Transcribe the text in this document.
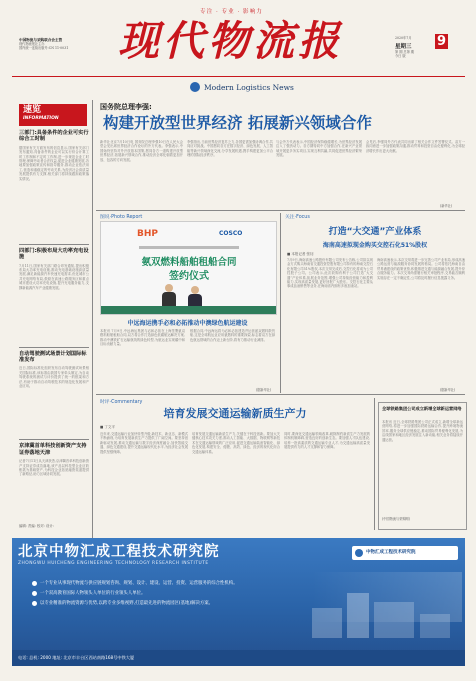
专注 · 专业 · 影响力
现代物流报
中国物流与采购联合会主管
现代物流报社主办
国内统一连续出版号:CN 11-0031
2020年7月
星期三 9
第 期 总第 期
今日 版
Modern Logistics News
速览
INFORMATION
三部门:具备条件的企业可实行综合工时制
据国家有关方面发布的信息显示,国家有关部门发布通知,具备条件的企业可以实行综合计算工时工作制和不定时工作制,进一步规范企业工时管理,保障劳动者合法权益,促进企业健康发展,各地要加强政策宣传和指导服务,推动企业依法用工,营造和谐稳定的劳动关系,为经济社会高质量发展提供有力支撑,相关部门将持续跟踪政策落实情况。
四部门:积极布局大功率充电设施
7月11日,国家有关部门联合印发通知,提出积极布局大功率充电设施,推动充电基础设施高质量发展,满足新能源汽车快速充电需求,优化城市公共充电网络布局,鼓励在高速公路服务区和重点城市建设大功率充电设施,提升充电服务能力,支撑新能源汽车产业健康发展。
自动驾驶测试场景计划国际标准发布
近日,国际标准化组织发布自动驾驶测试场景相关国际标准,该标准由我国专家牵头制定,为自动驾驶系统的测试与评价提供了统一的框架和方法,有助于推动自动驾驶技术的规范化发展和产业应用。
京津冀首单科技创新资产支持证券落地天津
记者7月11日从天津获悉,京津冀首单科技创新资产支持证券成功落地,该产品以科技型企业应收账款为基础资产,为科技企业拓宽融资渠道提供了新路径,助力区域协同发展。
编辑: 责编: 校对: 设计:
国务院总理李强:
构建开放型世界经济 拓展新兴领域合作
新华社北京7月10日电 国务院总理李强10日在人民大会堂会见出席世界经济合作论坛的外方代表。李强表示,中国始终坚持对外开放基本国策,愿同各方一道构建开放型世界经济,拓展新兴领域合作,推动经济全球化朝着更加开放、包容的方向发展。
李强指出,当前世界经济复苏乏力,各国更需加强协调合作,共同应对挑战。中国愿同各方在数字经济、绿色发展、人工智能等新兴领域深化交流,分享发展机遇,携手构建更加公平合理的国际经济秩序。
与会外方代表表示,中国经济保持稳健增长,为世界经济发展注入了强劲动力。各方期待同中方加强合作,在新兴产业领域开展更多务实项目,实现互利共赢,共同促进世界经济繁荣发展。
会见后,李强同外方代表共同出席了相关合作文件签署仪式。双方一致同意进一步加强政策沟通,推动贸易和投资自由化便利化,为全球经济增长作出更大贡献。
(新华社)
图说·Photo Report
BHP	COSCO
氨双燃料船舶租船合同
签约仪式
中远海运携手必和必拓推动中澳绿色航运建设
本报讯 7月9日,中远海运集团与必和必拓在上海签署氨双燃料船舶租船合同,双方将合作打造绿色低碳航运解决方案,推动中澳铁矿石运输航线的绿色转型,为航运业实现碳中和目标贡献力量。
根据合同,中远海运将为必和必拓建造并运营氨双燃料散货船,这是全球航运业应用氨燃料的重要探索,标志着双方在绿色航运领域的合作迈上新台阶,将有力推动行业减排。
(据新华社)
关注·Focus
打造“大交通”产业体系
海南高速拟现金购买交控石化51%股权
■ 本报记者 张钊
7月9日,海南高速公路股份有限公司发布公告称,公司拟以现金方式购买海南省交通投资控股有限公司持有的海南交控石化有限公司51%股权,本次交易完成后,交控石化将成为公司控股子公司。公司表示,此次收购有利于公司打造“大交通”产业体系,拓展业务范围,增强公司持续经营能力和盈利能力,实现高质量发展,更好回报广大股东。交控石化主要从事成品油销售等业务,在海南省内拥有多座加油站。
海南高速表示,本次交易将进一步完善公司产业布局,形成高速公路运营与能源服务协同发展的格局。公司将依托海南自由贸易港建设的政策优势,积极推进交通与能源融合发展,提升综合服务能力。本次交易尚需履行相关审批程序,交易能否顺利实施存在一定不确定性,公司将及时履行信息披露义务。
(据新华社)
时评·Commentary
培育发展交通运输新质生产力
■ 丁文平
近年来,交通运输行业加快转型升级,新技术、新业态、新模式不断涌现,为培育发展新质生产力提供了广阔空间。要坚持创新驱动发展,推动交通运输与数字经济深度融合,加快智能交通、绿色交通建设,提升交通运输现代化水平,为经济社会发展提供坚强保障。
培育发展交通运输新质生产力,关键在于科技创新。要加大关键核心技术攻关力度,推动人工智能、大数据、物联网等新技术在交通运输领域的广泛应用,促进交通运输装备智能化、绿色化发展,构建安全、便捷、高效、绿色、经济的现代化综合交通运输体系。
同时,要深化交通运输领域改革,破除制约新质生产力发展的体制机制障碍,营造良好的创新生态。要加强人才队伍建设,培养一批高素质的交通运输专业人才,为交通运输高质量发展提供有力的人才支撑和智力保障。
全球铁路集团公司成立新增全球新运营网络
本报讯 近日,全球铁路集团公司正式成立,新增全球新运营网络,将进一步加强国际铁路运输合作,提升跨境物流效率,服务全球供应链稳定,推动国际贸易便利化发展,为沿线国家和地区经济发展注入新动能,相关业务将陆续开通运营。
(中国物流与采购网)
北京中物汇成工程技术研究院
ZHONGWU HUICHENG ENGINEERING TECHNOLOGY RESEARCH INSTITUTE
中物汇成工程技术研究院
一个专业从事现代物流与供应链规划咨询、规划、设计、建设、运营、投资、运营服务的综合性机构。
一个双高教育国际人物领头人单位的行业领头人单位。
以专业精准的物流资源与优势,以跨专业多维视野,打造最先进的物流园区(基地)解决方案。
电话: 总机: 2000 地址: 北京市丰台区西站南路168号中铁大厦
